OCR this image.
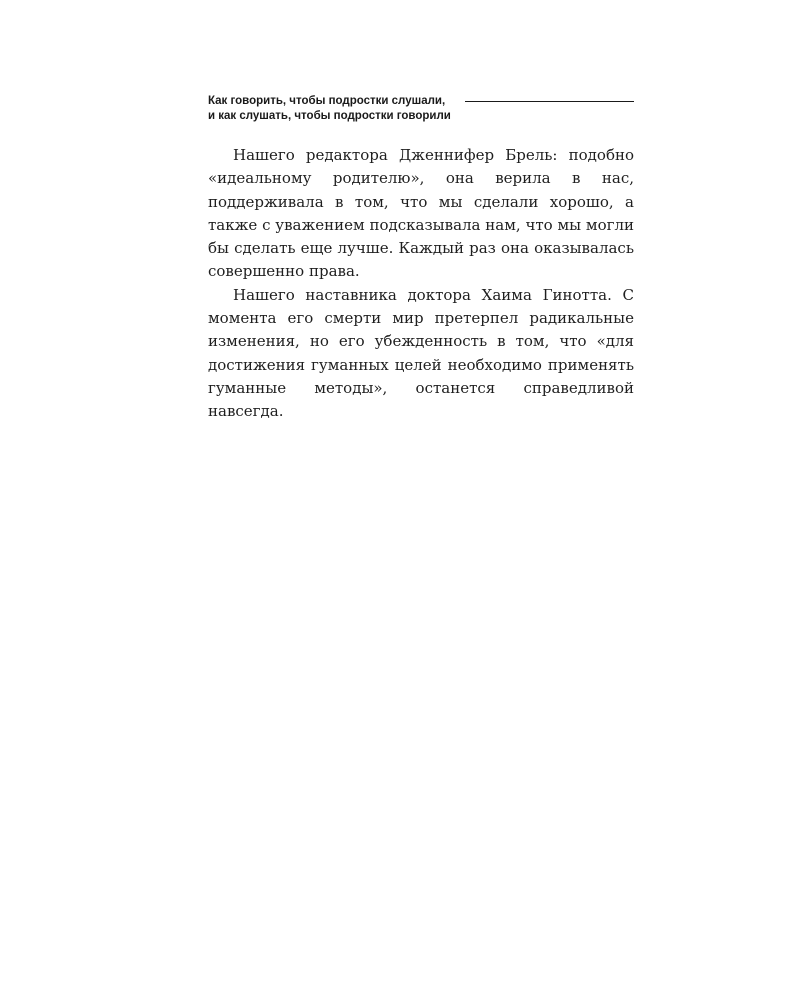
Как говорить, чтобы подростки слушали,
и как слушать, чтобы подростки говорили

Нашего редактора Дженнифер Брель: подобно «идеальному родителю», она верила в нас, поддерживала в том, что мы сделали хорошо, а также с уважением подсказывала нам, что мы могли бы сделать еще лучше. Каждый раз она оказывалась совершенно права.

Нашего наставника доктора Хаима Гинотта. С момента его смерти мир претерпел радикальные изменения, но его убежденность в том, что «для достижения гуманных целей необходимо применять гуманные методы», останется справедливой навсегда.
